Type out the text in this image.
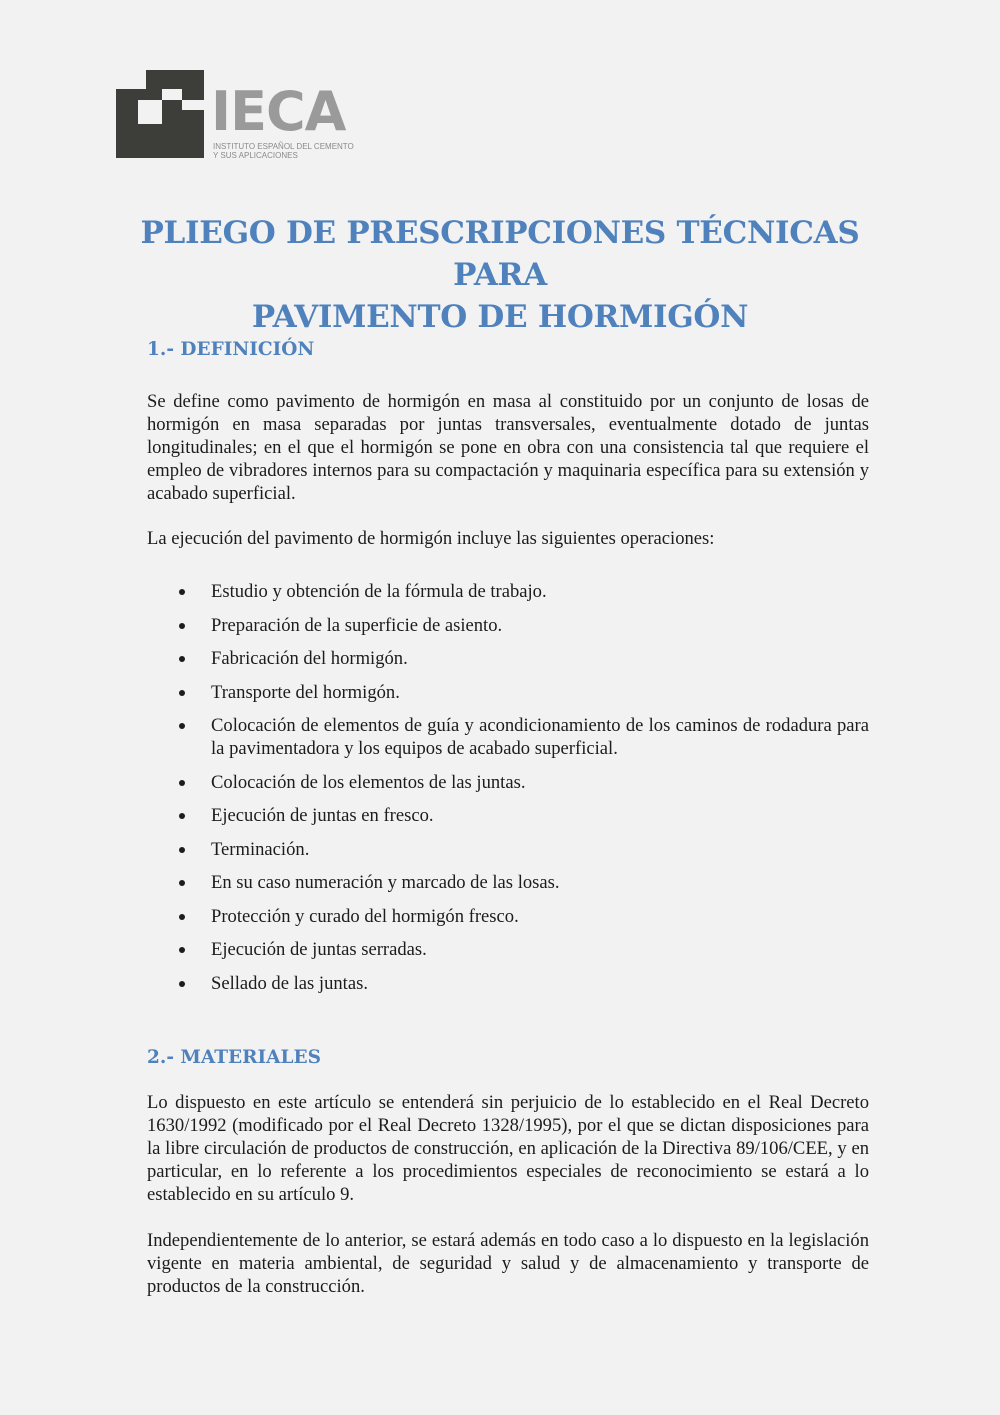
IECA
INSTITUTO ESPAÑOL DEL CEMENTO
Y SUS APLICACIONES
PLIEGO DE PRESCRIPCIONES TÉCNICAS PARA
PAVIMENTO DE HORMIGÓN
1.- DEFINICIÓN

Se define como pavimento de hormigón en masa al constituido por un conjunto de losas de hormigón en masa separadas por juntas transversales, eventualmente dotado de juntas longitudinales; en el que el hormigón se pone en obra con una consistencia tal que requiere el empleo de vibradores internos para su compactación y maquinaria específica para su extensión y acabado superficial.

La ejecución del pavimento de hormigón incluye las siguientes operaciones:

Estudio y obtención de la fórmula de trabajo.
Preparación de la superficie de asiento.
Fabricación del hormigón.
Transporte del hormigón.
Colocación de elementos de guía y acondicionamiento de los caminos de rodadura para la pavimentadora y los equipos de acabado superficial.
Colocación de los elementos de las juntas.
Ejecución de juntas en fresco.
Terminación.
En su caso numeración y marcado de las losas.
Protección y curado del hormigón fresco.
Ejecución de juntas serradas.
Sellado de las juntas.
2.- MATERIALES

Lo dispuesto en este artículo se entenderá sin perjuicio de lo establecido en el Real Decreto 1630/1992 (modificado por el Real Decreto 1328/1995), por el que se dictan disposiciones para la libre circulación de productos de construcción, en aplicación de la Directiva 89/106/CEE, y en particular, en lo referente a los procedimientos especiales de reconocimiento se estará a lo establecido en su artículo 9.

Independientemente de lo anterior, se estará además en todo caso a lo dispuesto en la legislación vigente en materia ambiental, de seguridad y salud y de almacenamiento y transporte de productos de la construcción.
